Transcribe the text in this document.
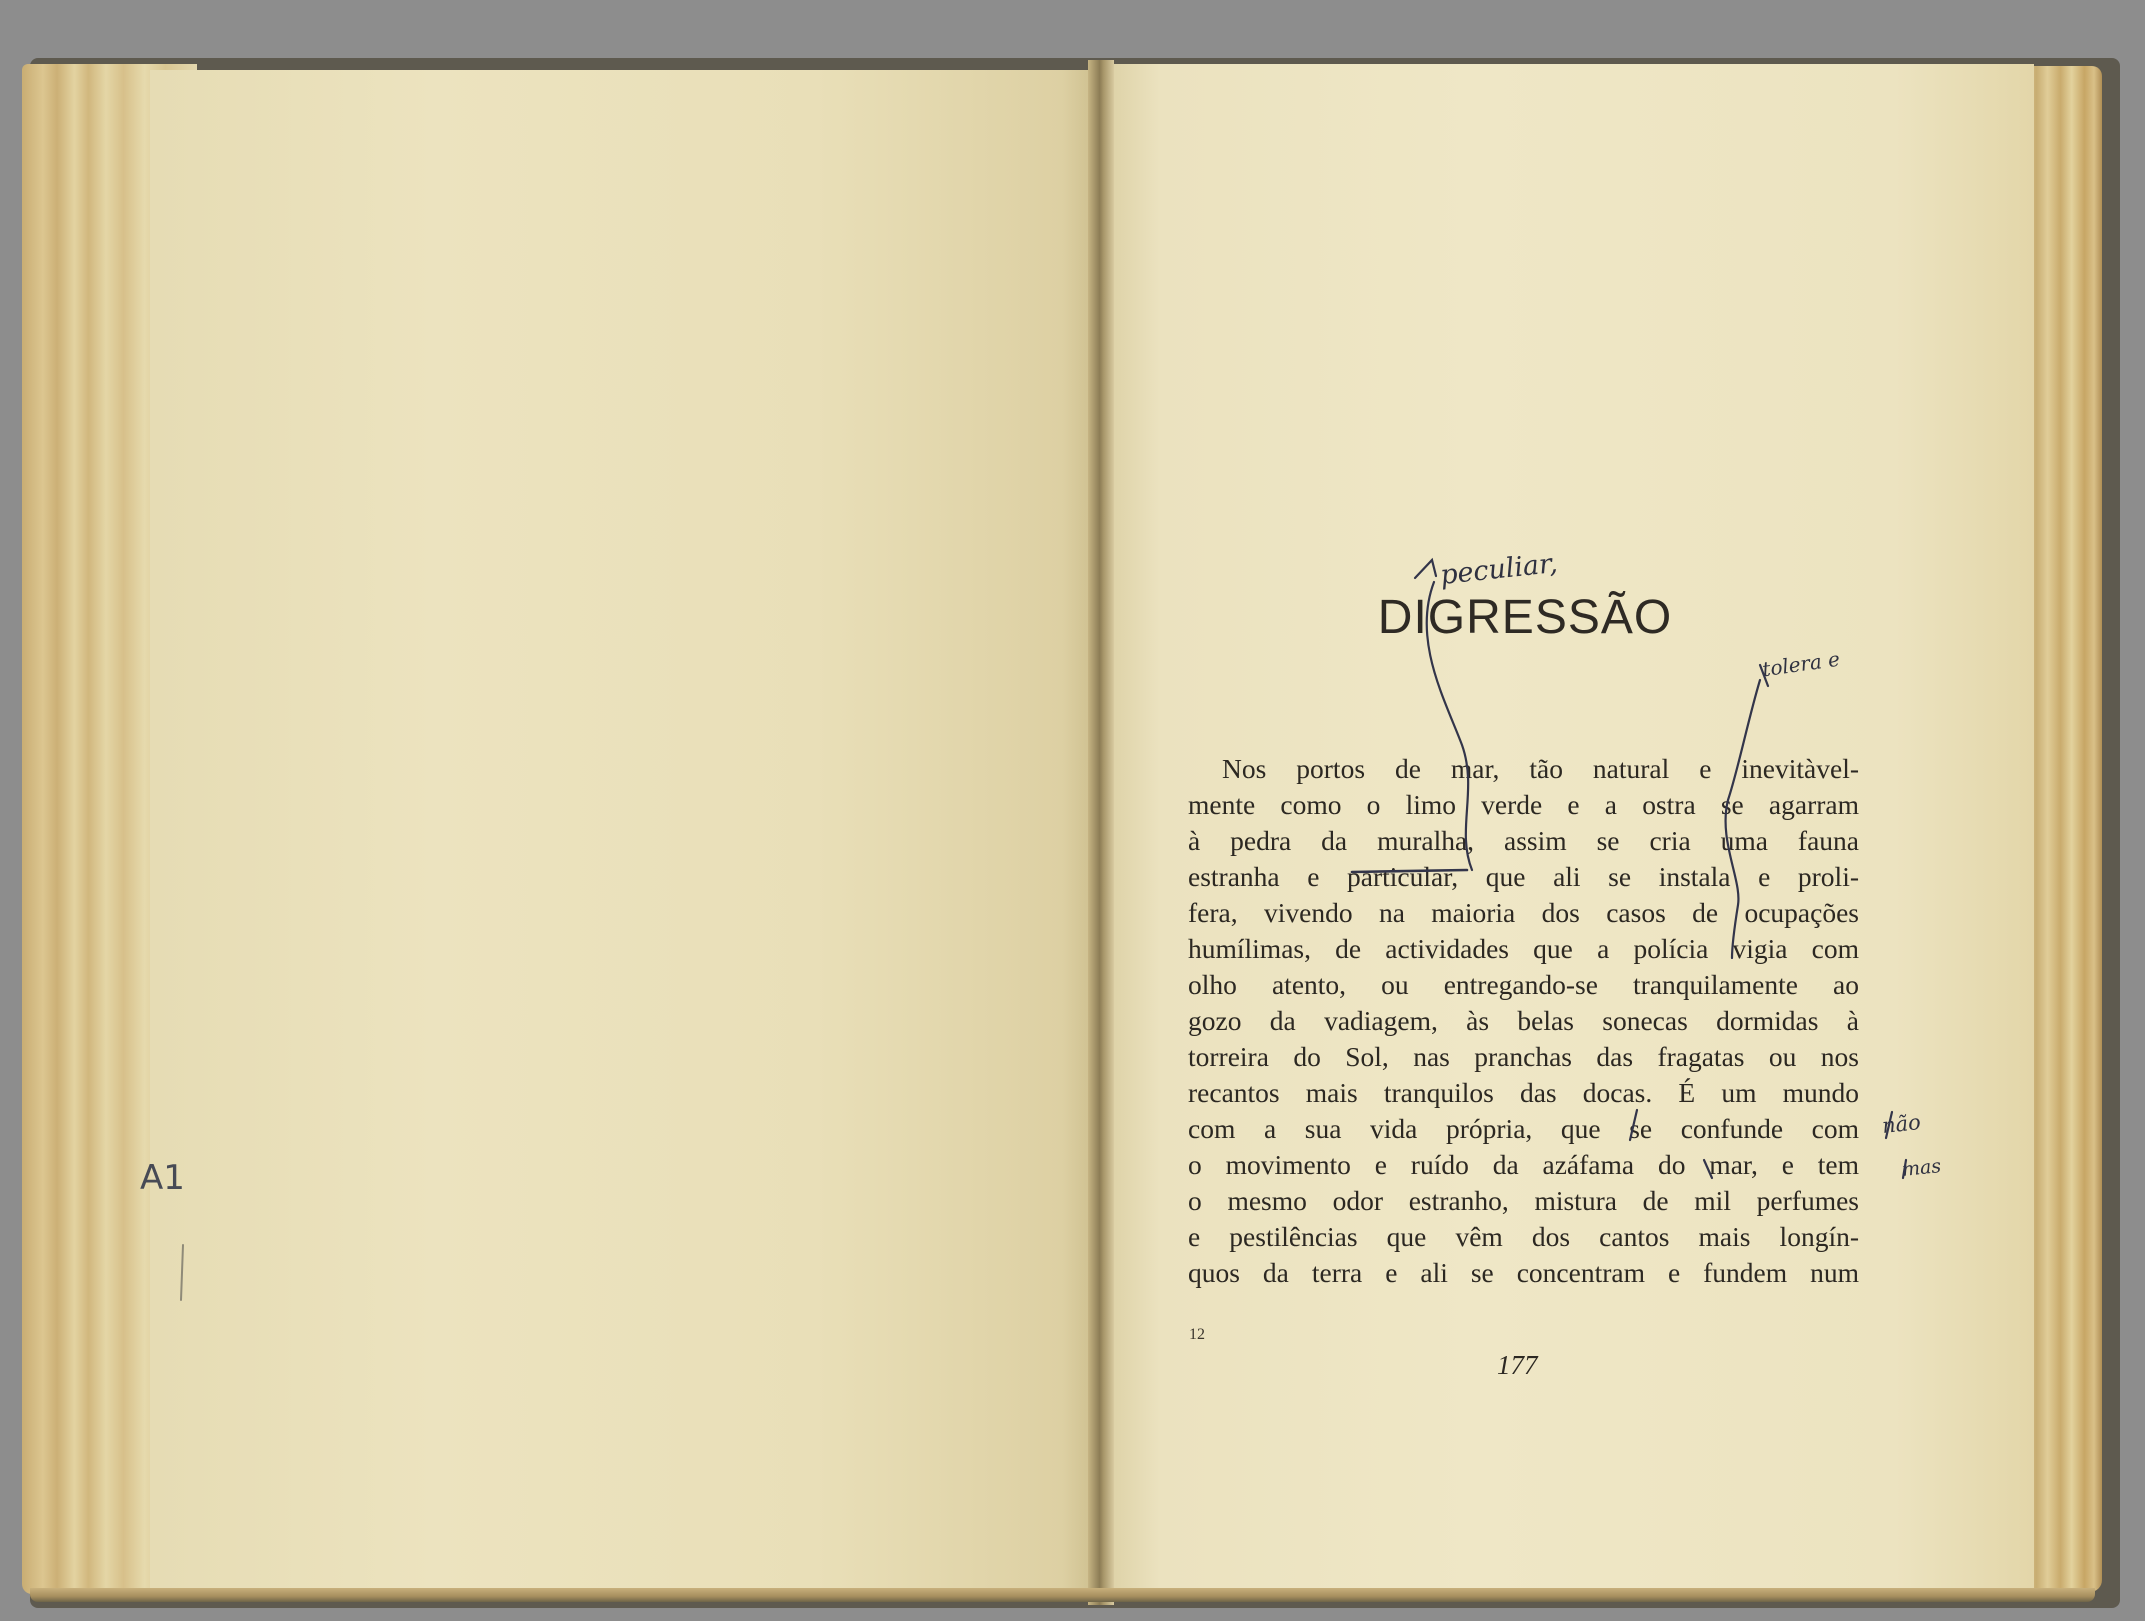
A1
DIGRESSÃO
Nos portos de mar, tão natural e inevitàvel-
mente como o limo verde e a ostra se agarram
à pedra da muralha, assim se cria uma fauna
estranha e particular, que ali se instala e proli-
fera, vivendo na maioria dos casos de ocupações
humílimas, de actividades que a polícia vigia com
olho atento, ou entregando-se tranquilamente ao
gozo da vadiagem, às belas sonecas dormidas à
torreira do Sol, nas pranchas das fragatas ou nos
recantos mais tranquilos das docas. É um mundo
com a sua vida própria, que se confunde com
o movimento e ruído da azáfama do mar, e tem
o mesmo odor estranho, mistura de mil perfumes
e pestilências que vêm dos cantos mais longín-
quos da terra e ali se concentram e fundem num
12
177
peculiar,
tolera e
não
mas
